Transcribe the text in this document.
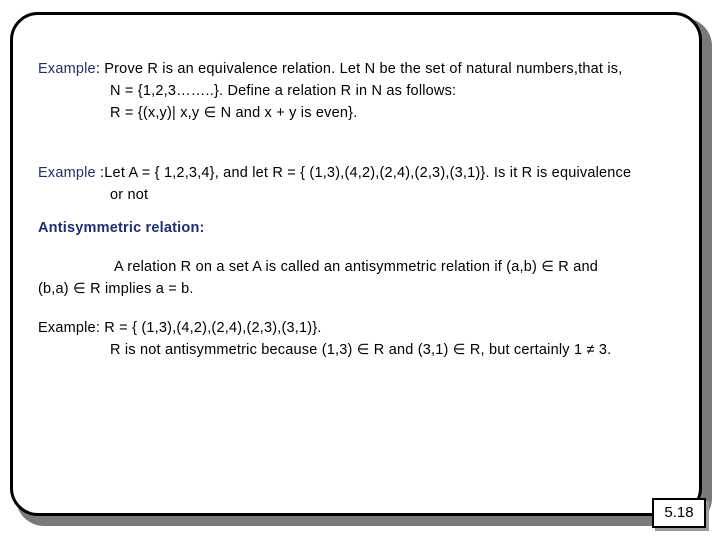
Example: Prove R is an equivalence relation. Let N be the set of natural numbers,that is,
N = {1,2,3……..}. Define a relation R in N as follows:
R = {(x,y)| x,y ∈ N and x + y is even}.
Example :Let A = { 1,2,3,4}, and let R = { (1,3),(4,2),(2,4),(2,3),(3,1)}. Is it R is equivalence
or not
Antisymmetric relation:
A relation R on a set A is called an antisymmetric relation if (a,b) ∈ R and
(b,a) ∈ R implies a = b.
Example: R = { (1,3),(4,2),(2,4),(2,3),(3,1)}.
R is not antisymmetric because (1,3) ∈ R and (3,1) ∈ R, but certainly 1 ≠ 3.
5.18
